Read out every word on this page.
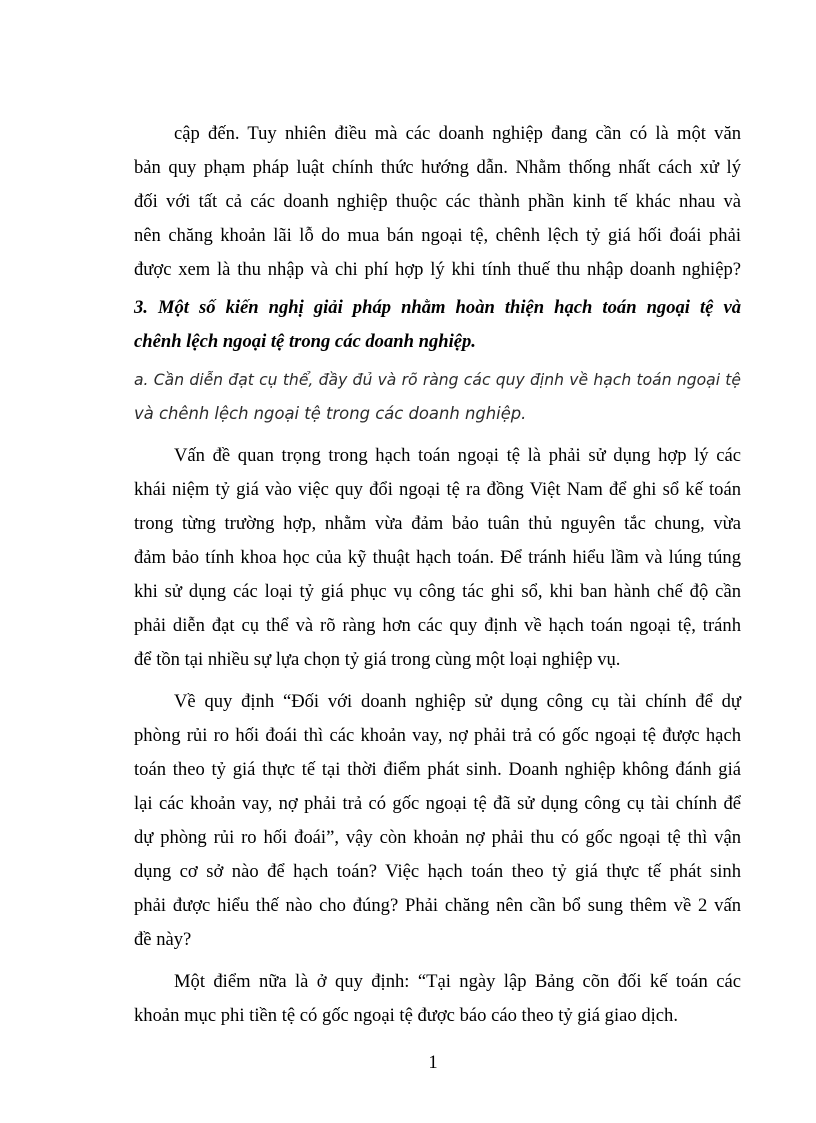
cập đến. Tuy nhiên điều mà các doanh nghiệp đang cần có là một văn
bản quy phạm pháp luật chính thức hướng dẫn. Nhằm thống nhất cách xử lý
đối với tất cả các doanh nghiệp thuộc các thành phần kinh tế khác nhau và
nên chăng khoản lãi lỗ do mua bán ngoại tệ, chênh lệch tỷ giá hối đoái phải
được xem là thu nhập và chi phí hợp lý khi tính thuế thu nhập doanh nghiệp?
3. Một số kiến nghị giải pháp nhằm hoàn thiện hạch toán ngoại tệ và
chênh lệch ngoại tệ trong các doanh nghiệp.
a. Cần diễn đạt cụ thể, đầy đủ và rõ ràng các quy định về hạch toán ngoại tệ
và chênh lệch ngoại tệ trong các doanh nghiệp.
Vấn đề quan trọng trong hạch toán ngoại tệ là phải sử dụng hợp lý các
khái niệm tỷ giá vào việc quy đổi ngoại tệ ra đồng Việt Nam để ghi sổ kế toán
trong từng trường hợp, nhằm vừa đảm bảo tuân thủ nguyên tắc chung, vừa
đảm bảo tính khoa học của kỹ thuật hạch toán. Để tránh hiểu lầm và lúng túng
khi sử dụng các loại tỷ giá phục vụ công tác ghi sổ, khi ban hành chế độ cần
phải diễn đạt cụ thể và rõ ràng hơn các quy định về hạch toán ngoại tệ, tránh
để tồn tại nhiều sự lựa chọn tỷ giá trong cùng một loại nghiệp vụ.
Về quy định “Đối với doanh nghiệp sử dụng công cụ tài chính để dự
phòng rủi ro hối đoái thì các khoản vay, nợ phải trả có gốc ngoại tệ được hạch
toán theo tỷ giá thực tế tại thời điểm phát sinh. Doanh nghiệp không đánh giá
lại các khoản vay, nợ phải trả có gốc ngoại tệ đã sử dụng công cụ tài chính để
dự phòng rủi ro hối đoái”, vậy còn khoản nợ phải thu có gốc ngoại tệ thì vận
dụng cơ sở nào để hạch toán? Việc hạch toán theo tỷ giá thực tế phát sinh
phải được hiểu thế nào cho đúng? Phải chăng nên cần bổ sung thêm về 2 vấn
đề này?
Một điểm nữa là ở quy định: “Tại ngày lập Bảng cõn đối kế toán các
khoản mục phi tiền tệ có gốc ngoại tệ được báo cáo theo tỷ giá giao dịch.
1
